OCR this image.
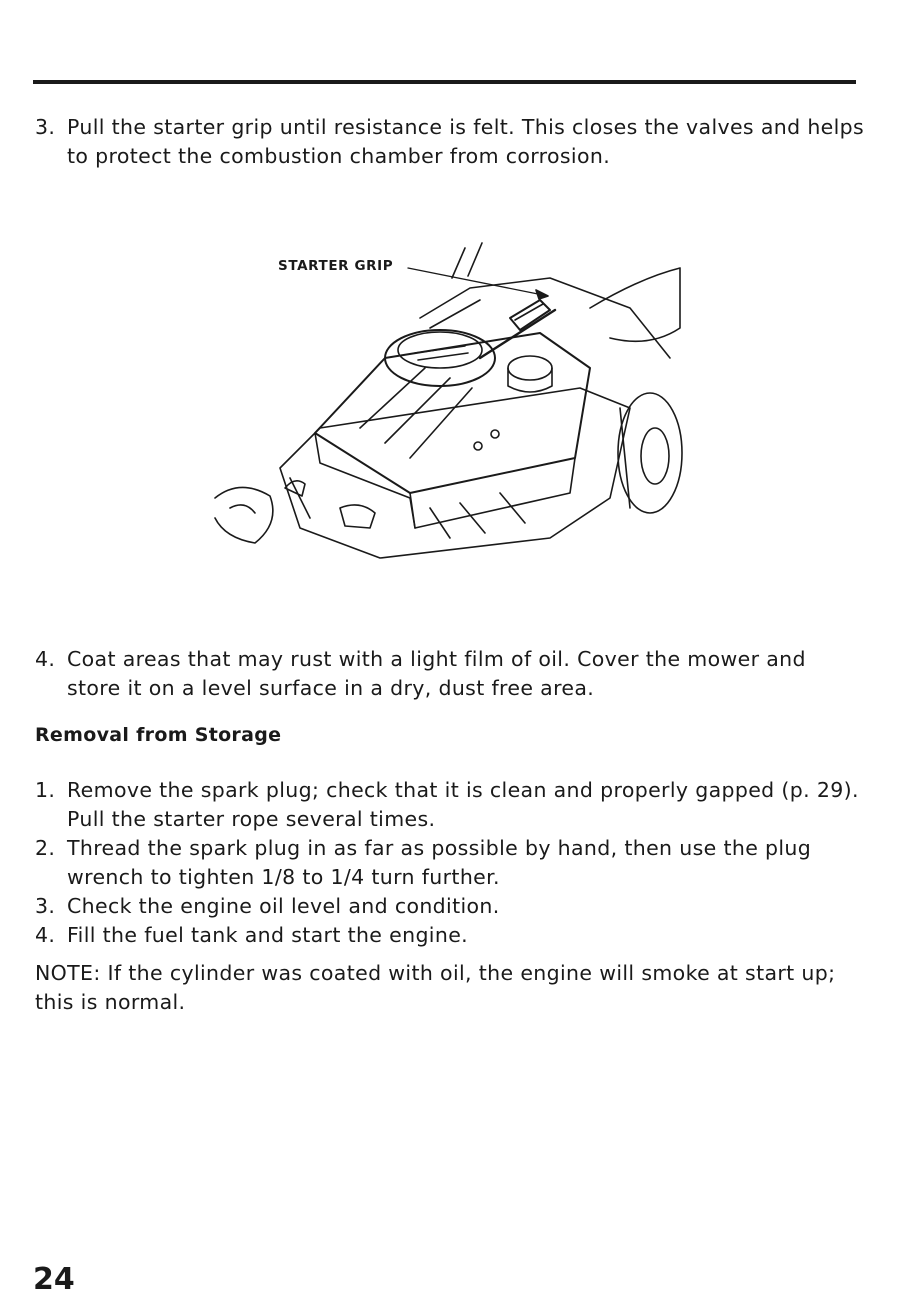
3. Pull the starter grip until resistance is felt. This closes the valves and helps to protect the combustion chamber from corrosion.
STARTER GRIP
4. Coat areas that may rust with a light film of oil. Cover the mower and store it on a level surface in a dry, dust free area.
Removal from Storage
1. Remove the spark plug; check that it is clean and properly gapped (p. 29). Pull the starter rope several times.
2. Thread the spark plug in as far as possible by hand, then use the plug wrench to tighten 1/8 to 1/4 turn further.
3. Check the engine oil level and condition.
4. Fill the fuel tank and start the engine.
NOTE: If the cylinder was coated with oil, the engine will smoke at start up; this is normal.
24
